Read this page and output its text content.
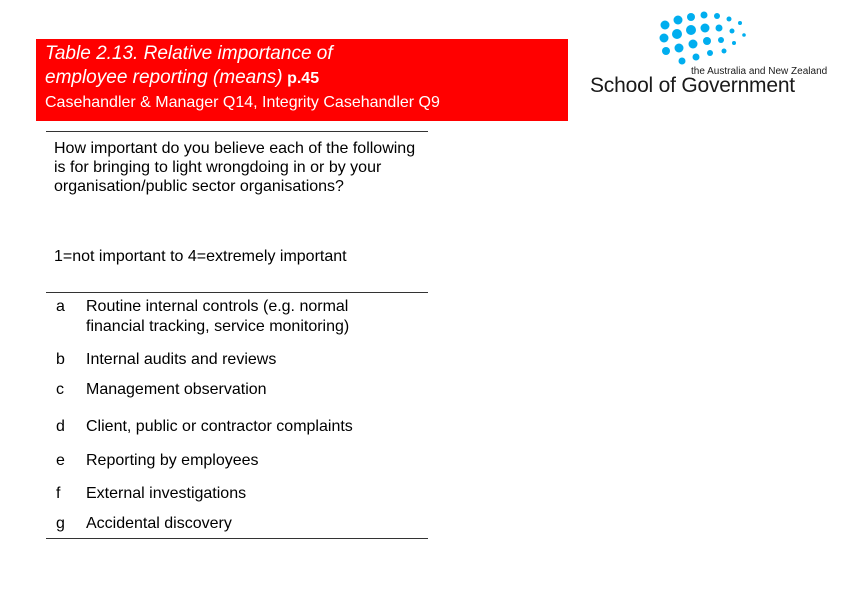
Table 2.13. Relative importance of
employee reporting (means) p.45
Casehandler & Manager Q14, Integrity Casehandler Q9
the Australia and New Zealand
School of Government
How important do you believe each of the following is for bringing to light wrongdoing in or by your organisation/public sector organisations?
1=not important to 4=extremely important
a Routine internal controls (e.g. normal
financial tracking, service monitoring)
b Internal audits and reviews
c Management observation
d Client, public or contractor complaints
e Reporting by employees
f External investigations
g Accidental discovery
